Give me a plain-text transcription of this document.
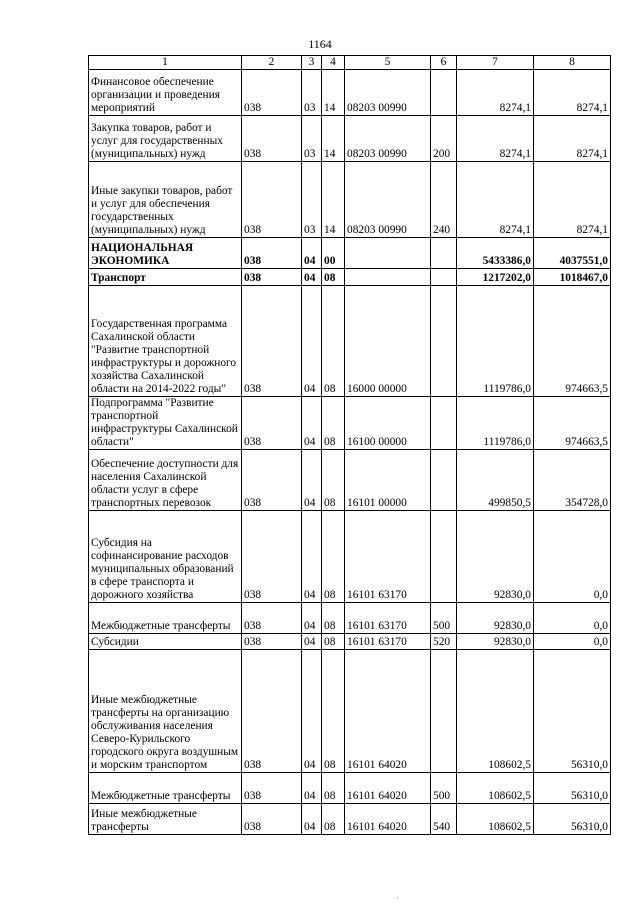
1164
1	2	3	4	5	6	7	8
Финансовое обеспечение организации и проведения мероприятий	038	03	14	08203 00990		8274,1	8274,1
Закупка товаров, работ и услуг для государственных (муниципальных) нужд	038	03	14	08203 00990	200	8274,1	8274,1
Иные закупки товаров, работ и услуг для обеспечения государственных (муниципальных) нужд	038	03	14	08203 00990	240	8274,1	8274,1
НАЦИОНАЛЬНАЯ ЭКОНОМИКА	038	04	00			5433386,0	4037551,0
Транспорт	038	04	08			1217202,0	1018467,0
Государственная программа Сахалинской области "Развитие транспортной инфраструктуры и дорожного хозяйства Сахалинской области на 2014-2022 годы"	038	04	08	16000 00000		1119786,0	974663,5
Подпрограмма "Развитие транспортной инфраструктуры Сахалинской области"	038	04	08	16100 00000		1119786,0	974663,5
Обеспечение доступности для населения Сахалинской области услуг в сфере транспортных перевозок	038	04	08	16101 00000		499850,5	354728,0
Субсидия на софинансирование расходов муниципальных образований в сфере транспорта и дорожного хозяйства	038	04	08	16101 63170		92830,0	0,0
Межбюджетные трансферты	038	04	08	16101 63170	500	92830,0	0,0
Субсидии	038	04	08	16101 63170	520	92830,0	0,0
Иные межбюджетные трансферты на организацию обслуживания населения Северо-Курильского городского округа воздушным и морским транспортом	038	04	08	16101 64020		108602,5	56310,0
Межбюджетные трансферты	038	04	08	16101 64020	500	108602,5	56310,0
Иные межбюджетные трансферты	038	04	08	16101 64020	540	108602,5	56310,0
·
